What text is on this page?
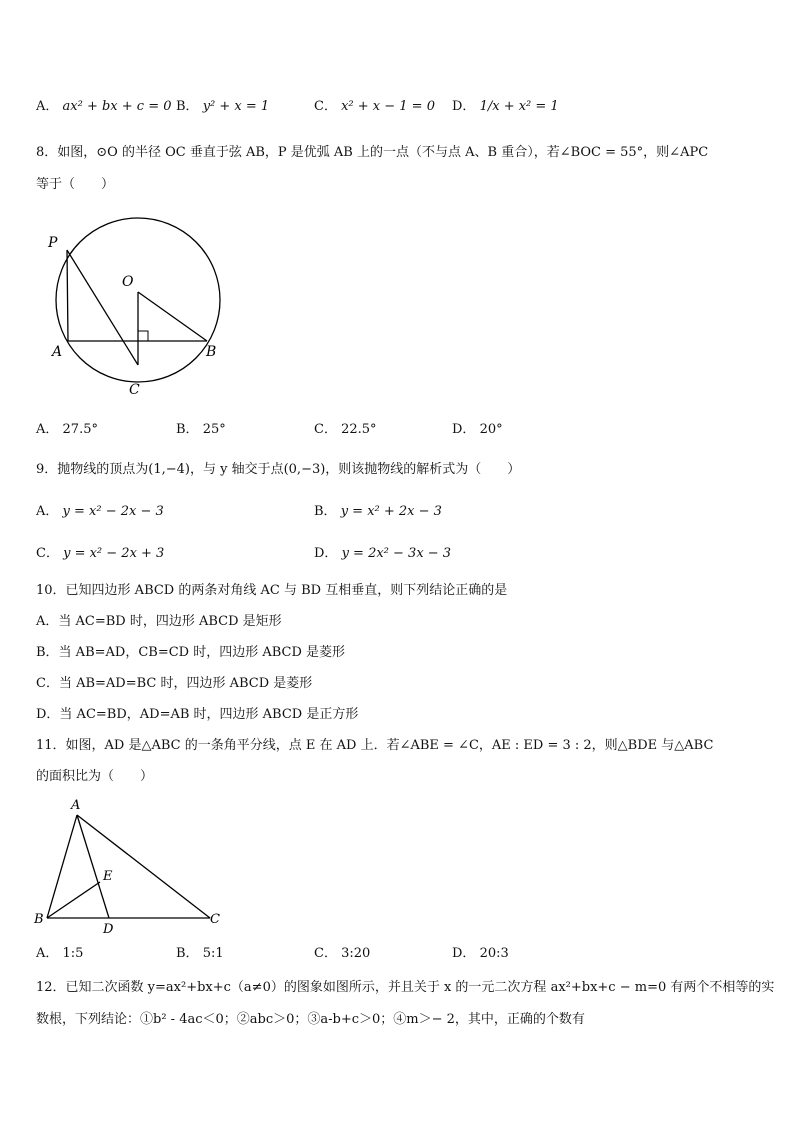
A． ax² + bx + c = 0 B． y² + x = 1	C． x² + x − 1 = 0 D． 1/x + x² = 1
8．如图，⊙O 的半径 OC 垂直于弦 AB，P 是优弧 AB 上的一点（不与点 A、B 重合），若∠BOC = 55°，则∠APC
等于（　　）
P
O
A	B
C
A． 27.5°	B． 25°	C． 22.5°	D． 20°
9．抛物线的顶点为(1,−4)，与 y 轴交于点(0,−3)，则该抛物线的解析式为（　　）
A． y = x² − 2x − 3	B． y = x² + 2x − 3
C． y = x² − 2x + 3	D． y = 2x² − 3x − 3
10．已知四边形 ABCD 的两条对角线 AC 与 BD 互相垂直，则下列结论正确的是
A．当 AC=BD 时，四边形 ABCD 是矩形
B．当 AB=AD，CB=CD 时，四边形 ABCD 是菱形
C．当 AB=AD=BC 时，四边形 ABCD 是菱形
D．当 AC=BD，AD=AB 时，四边形 ABCD 是正方形
11．如图，AD 是△ABC 的一条角平分线，点 E 在 AD 上．若∠ABE = ∠C，AE : ED = 3 : 2，则△BDE 与△ABC
的面积比为（　　）
A
B	C
D
E
A． 1:5	B． 5:1	C． 3:20	D． 20:3
12．已知二次函数 y=ax²+bx+c（a≠0）的图象如图所示，并且关于 x 的一元二次方程 ax²+bx+c − m=0 有两个不相等的实
数根，下列结论：①b² - 4ac＜0；②abc＞0；③a-b+c＞0；④m＞− 2，其中，正确的个数有
